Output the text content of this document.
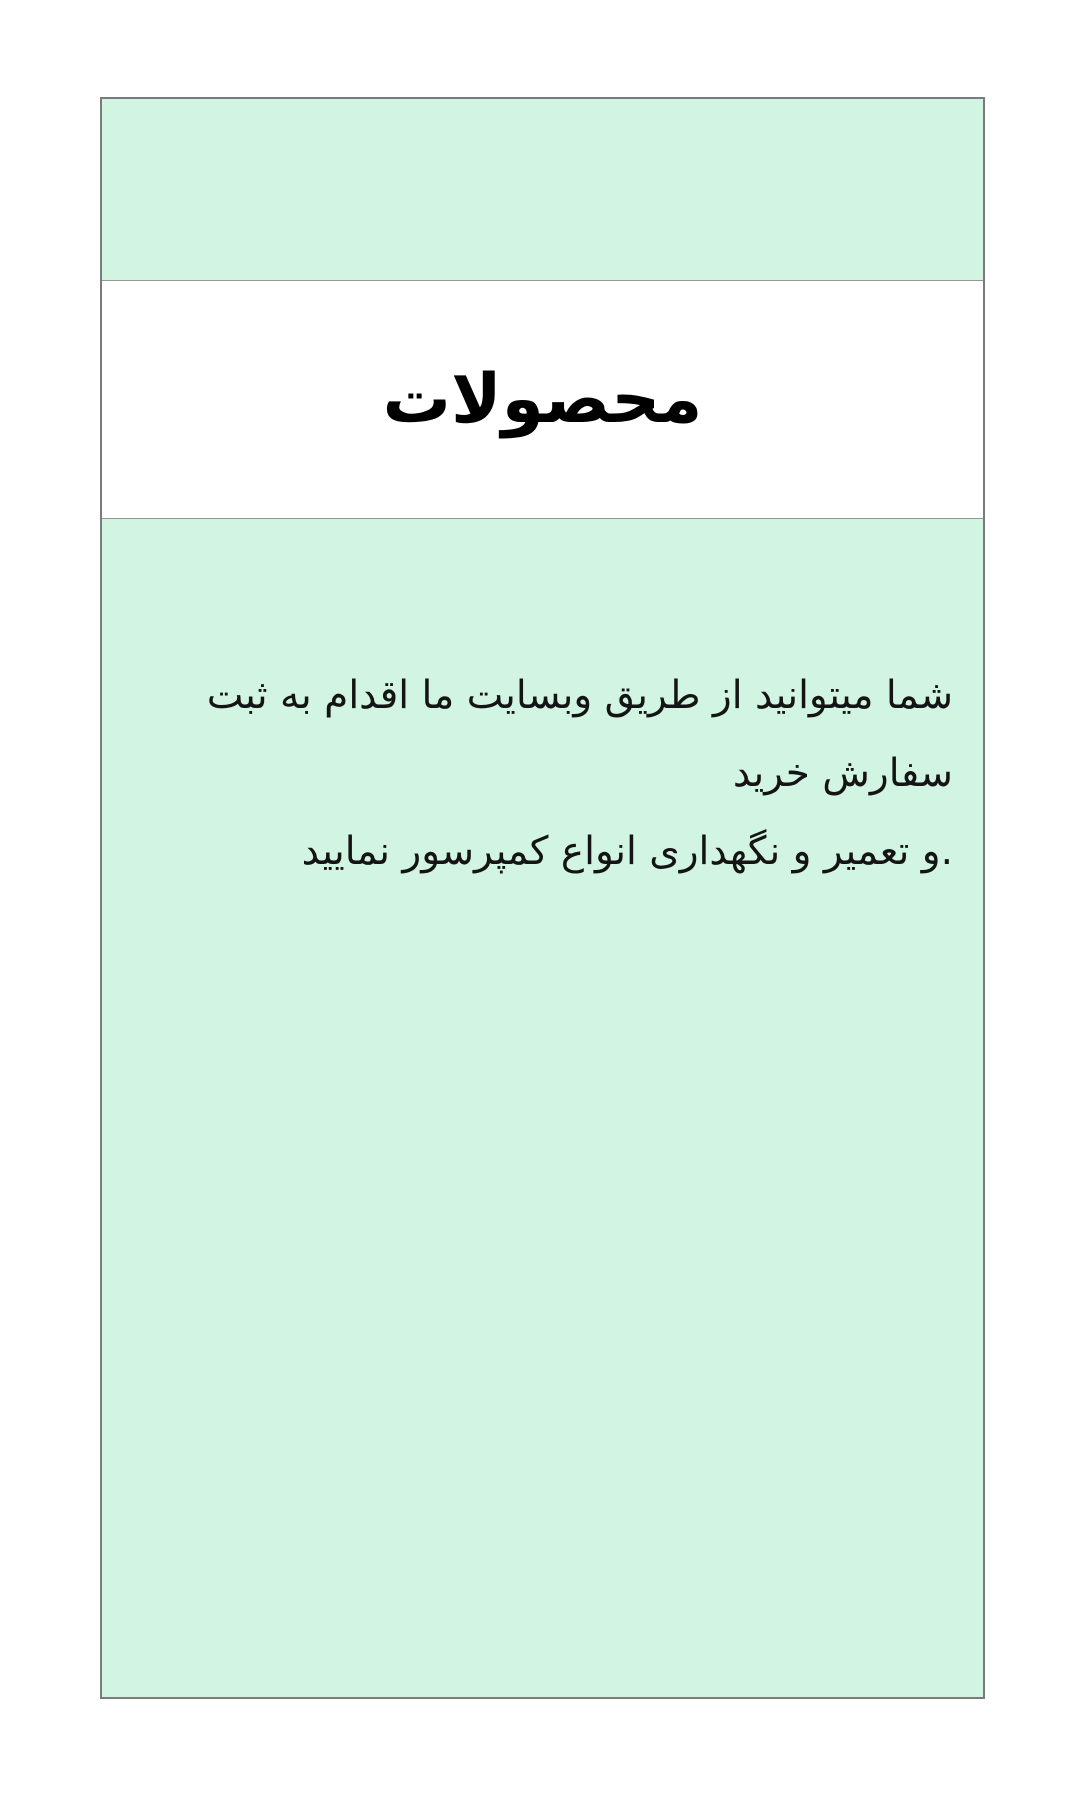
محصولات

شما میتوانید از طریق وبسایت ما اقدام به ثبت سفارش خرید
.و تعمیر و نگهداری انواع کمپرسور نمایید
